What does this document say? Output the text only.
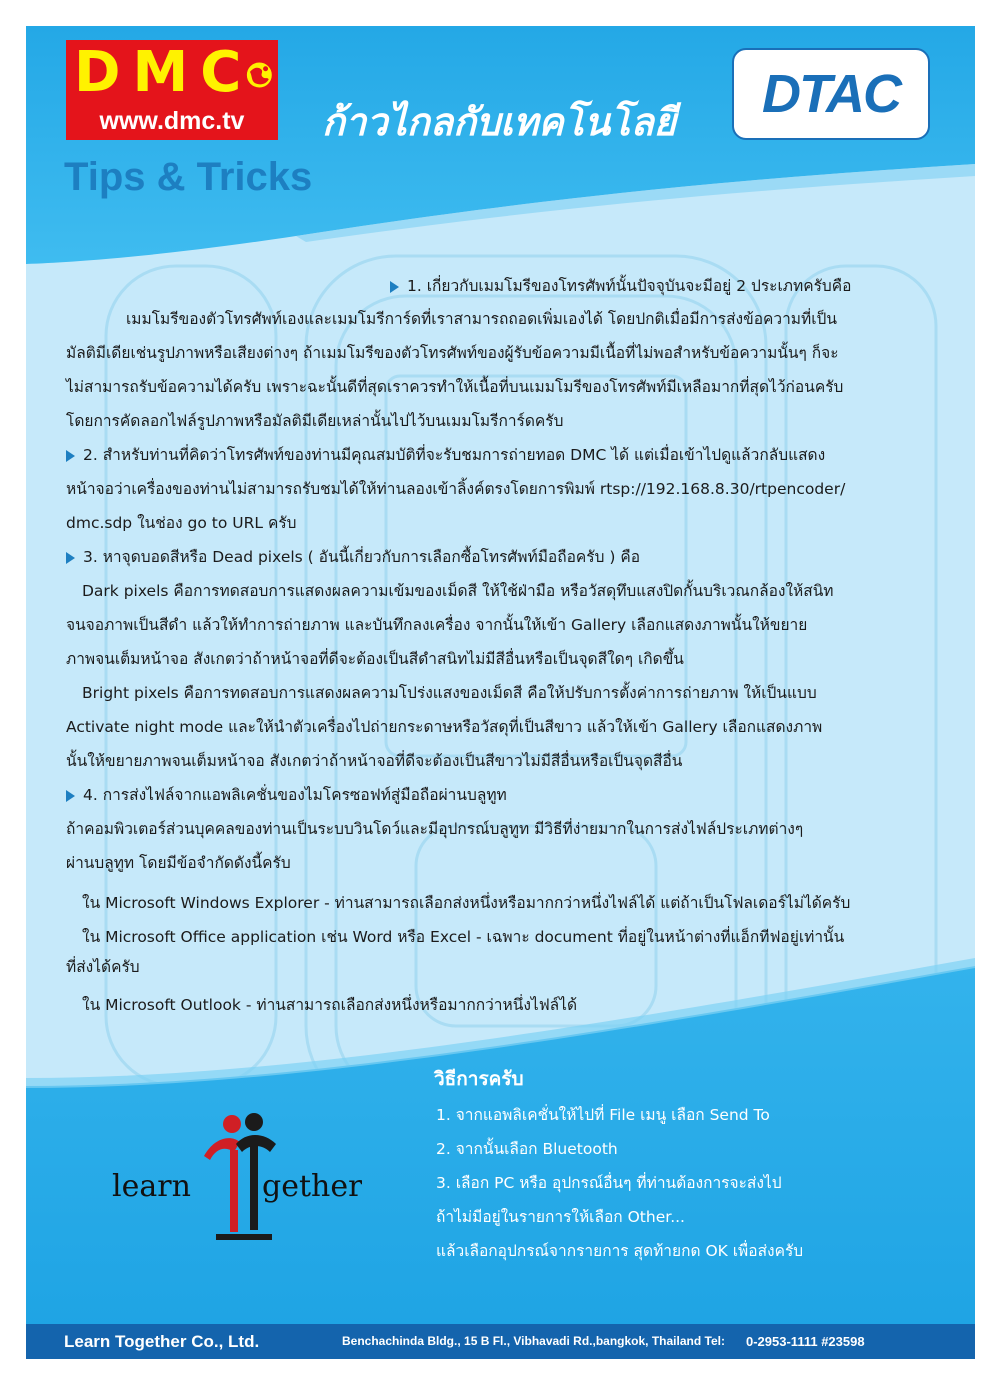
D M C
www.dmc.tv
Tips & Tricks
ก้าวไกลกับเทคโนโลยี DTAC
1. เกี่ยวกับเมมโมรีของโทรศัพท์นั้นปัจจุบันจะมีอยู่ 2 ประเภทครับคือ
เมมโมรีของตัวโทรศัพท์เองและเมมโมรีการ์ดที่เราสามารถถอดเพิ่มเองได้ โดยปกติเมื่อมีการส่งข้อความที่เป็น
มัลติมีเดียเช่นรูปภาพหรือเสียงต่างๆ ถ้าเมมโมรีของตัวโทรศัพท์ของผู้รับข้อความมีเนื้อที่ไม่พอสำหรับข้อความนั้นๆ ก็จะ
ไม่สามารถรับข้อความได้ครับ เพราะฉะนั้นดีที่สุดเราควรทำให้เนื้อที่บนเมมโมรีของโทรศัพท์มีเหลือมากที่สุดไว้ก่อนครับ
โดยการคัดลอกไฟล์รูปภาพหรือมัลติมีเดียเหล่านั้นไปไว้บนเมมโมรีการ์ดครับ
2. สำหรับท่านที่คิดว่าโทรศัพท์ของท่านมีคุณสมบัติที่จะรับชมการถ่ายทอด DMC ได้ แต่เมื่อเข้าไปดูแล้วกลับแสดง
หน้าจอว่าเครื่องของท่านไม่สามารถรับชมได้ให้ท่านลองเข้าลิ้งค์ตรงโดยการพิมพ์ rtsp://192.168.8.30/rtpencoder/
dmc.sdp ในช่อง go to URL ครับ
3. หาจุดบอดสีหรือ Dead pixels ( อันนี้เกี่ยวกับการเลือกซื้อโทรศัพท์มือถือครับ ) คือ
Dark pixels คือการทดสอบการแสดงผลความเข้มของเม็ดสี ให้ใช้ฝ่ามือ หรือวัสดุทึบแสงปิดกั้นบริเวณกล้องให้สนิท
จนจอภาพเป็นสีดำ แล้วให้ทำการถ่ายภาพ และบันทึกลงเครื่อง จากนั้นให้เข้า Gallery เลือกแสดงภาพนั้นให้ขยาย
ภาพจนเต็มหน้าจอ สังเกตว่าถ้าหน้าจอที่ดีจะต้องเป็นสีดำสนิทไม่มีสีอื่นหรือเป็นจุดสีใดๆ เกิดขึ้น
Bright pixels คือการทดสอบการแสดงผลความโปร่งแสงของเม็ดสี คือให้ปรับการตั้งค่าการถ่ายภาพ ให้เป็นแบบ
Activate night mode และให้นำตัวเครื่องไปถ่ายกระดาษหรือวัสดุที่เป็นสีขาว แล้วให้เข้า Gallery เลือกแสดงภาพ
นั้นให้ขยายภาพจนเต็มหน้าจอ สังเกตว่าถ้าหน้าจอที่ดีจะต้องเป็นสีขาวไม่มีสีอื่นหรือเป็นจุดสีอื่น
4. การส่งไฟล์จากแอพลิเคชั่นของไมโครซอฟท์สู่มือถือผ่านบลูทูท
ถ้าคอมพิวเตอร์ส่วนบุคคลของท่านเป็นระบบวินโดว์และมีอุปกรณ์บลูทูท มีวิธีที่ง่ายมากในการส่งไฟล์ประเภทต่างๆ
ผ่านบลูทูท โดยมีข้อจำกัดดังนี้ครับ
ใน Microsoft Windows Explorer - ท่านสามารถเลือกส่งหนึ่งหรือมากกว่าหนึ่งไฟล์ได้ แต่ถ้าเป็นโฟลเดอร์ไม่ได้ครับ
ใน Microsoft Office application เช่น Word หรือ Excel - เฉพาะ document ที่อยู่ในหน้าต่างที่แอ็กทีฟอยู่เท่านั้น
ที่ส่งได้ครับ
ใน Microsoft Outlook - ท่านสามารถเลือกส่งหนึ่งหรือมากกว่าหนึ่งไฟล์ได้
วิธีการครับ
1. จากแอพลิเคชั่นให้ไปที่ File เมนู เลือก Send To
2. จากนั้นเลือก Bluetooth
3. เลือก PC หรือ อุปกรณ์อื่นๆ ที่ท่านต้องการจะส่งไป
ถ้าไม่มีอยู่ในรายการให้เลือก Other...
แล้วเลือกอุปกรณ์จากรายการ สุดท้ายกด OK เพื่อส่งครับ
learn gether
Learn Together Co., Ltd.	Benchachinda Bldg., 15 B Fl., Vibhavadi Rd.,bangkok, Thailand Tel: 0-2953-1111 #23598
